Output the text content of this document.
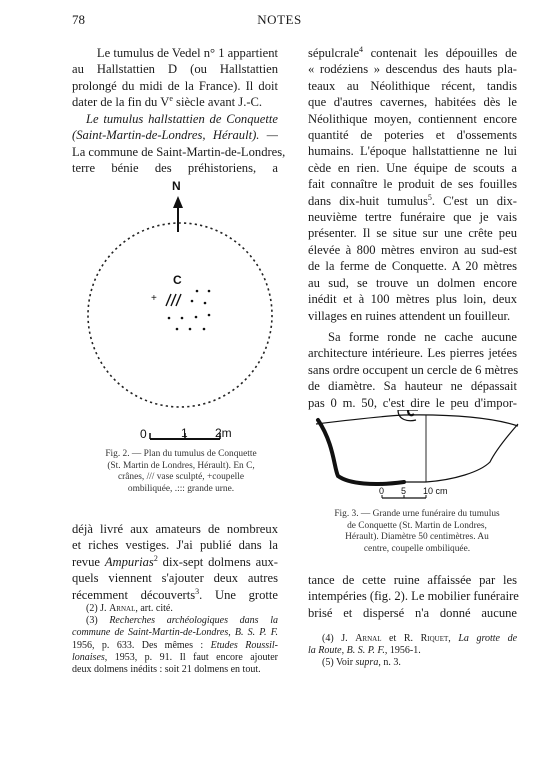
78	NOTES
Le tumulus de Vedel n° 1 appartient
au Hallstattien D (ou Hallstattien
prolongé du midi de la France). Il doit
dater de la fin du Ve siècle avant J.-C.
Le tumulus hallstattien de Conquette
(Saint-Martin-de-Londres, Hérault). —
La commune de Saint-Martin-de-Londres,
terre bénie des préhistoriens, a
N
C
+
0	1 2m
Fig. 2. — Plan du tumulus de Conquette
(St. Martin de Londres, Hérault). En C,
crânes, /// vase sculpté, +coupelle
ombiliquée, .::: grande urne.
déjà livré aux amateurs de nombreux
et riches vestiges. J'ai publié dans la
revue Ampurias$^2$ dix-sept dolmens aux-
quels viennent s'ajouter deux autres
récemment découverts$^3$. Une grotte
(2) J. Arnal, art. cité.
(3) Recherches archéologiques dans la
commune de Saint-Martin-de-Londres, B. S. P. F.
1956, p. 633. Des mêmes : Etudes Roussil-
lonaises, 1953, p. 91. Il faut encore ajouter
deux dolmens inédits : soit 21 dolmens en tout.
sépulcrale$^4$ contenait les dépouilles de
« rodéziens » descendus des hauts pla-
teaux au Néolithique récent, tandis
que d'autres cavernes, habitées dès le
Néolithique moyen, contiennent encore
quantité de poteries et d'ossements
humains. L'époque hallstattienne ne lui
cède en rien. Une équipe de scouts a
fait connaître le produit de ses fouilles
dans dix-huit tumulus$^5$. C'est un dix-
neuvième tertre funéraire que je vais
présenter. Il se situe sur une crête peu
élevée à 800 mètres environ au sud-est
de la ferme de Conquette. A 20 mètres
au sud, se trouve un dolmen encore
inédit et à 100 mètres plus loin, deux
villages en ruines attendent un fouilleur.
Sa forme ronde ne cache aucune
architecture intérieure. Les pierres jetées
sans ordre occupent un cercle de 6 mètres
de diamètre. Sa hauteur ne dépassait
pas 0 m. 50, c'est dire le peu d'impor-
0 5 10 cm
Fig. 3. — Grande urne funéraire du tumulus
de Conquette (St. Martin de Londres,
Hérault). Diamètre 50 centimètres. Au
centre, coupelle ombiliquée.
tance de cette ruine affaissée par les
intempéries (fig. 2). Le mobilier funéraire
brisé et dispersé n'a donné aucune
(4) J. Arnal et R. Riquet, La grotte de
la Route, B. S. P. F., 1956-1.
(5) Voir supra, n. 3.
